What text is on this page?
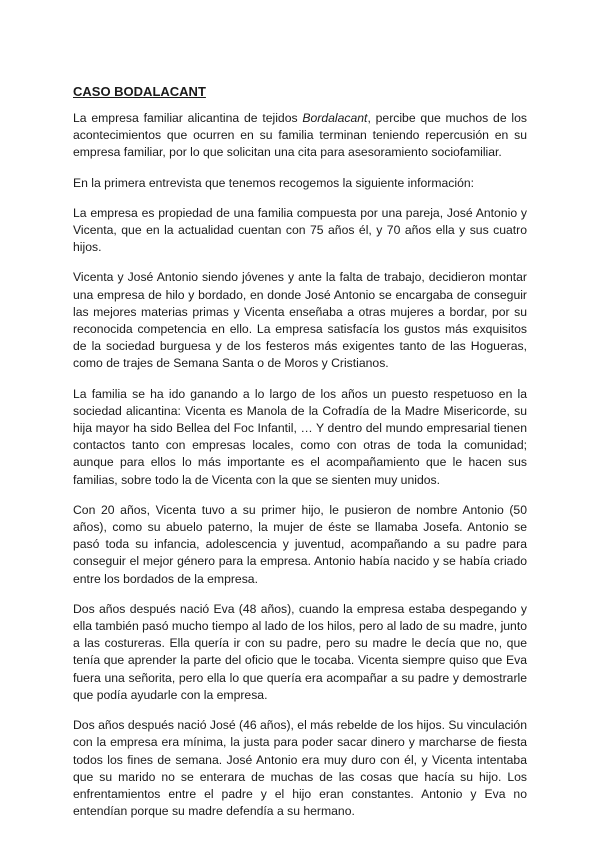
CASO BODALACANT

La empresa familiar alicantina de tejidos Bordalacant, percibe que muchos de los acontecimientos que ocurren en su familia terminan teniendo repercusión en su empresa familiar, por lo que solicitan una cita para asesoramiento sociofamiliar.

En la primera entrevista que tenemos recogemos la siguiente información:

La empresa es propiedad de una familia compuesta por una pareja, José Antonio y Vicenta, que en la actualidad cuentan con 75 años él, y 70 años ella y sus cuatro hijos.

Vicenta y José Antonio siendo jóvenes y ante la falta de trabajo, decidieron montar una empresa de hilo y bordado, en donde José Antonio se encargaba de conseguir las mejores materias primas y Vicenta enseñaba a otras mujeres a bordar, por su reconocida competencia en ello. La empresa satisfacía los gustos más exquisitos de la sociedad burguesa y de los festeros más exigentes tanto de las Hogueras, como de trajes de Semana Santa o de Moros y Cristianos.

La familia se ha ido ganando a lo largo de los años un puesto respetuoso en la sociedad alicantina: Vicenta es Manola de la Cofradía de la Madre Misericorde, su hija mayor ha sido Bellea del Foc Infantil, … Y dentro del mundo empresarial tienen contactos tanto con empresas locales, como con otras de toda la comunidad; aunque para ellos lo más importante es el acompañamiento que le hacen sus familias, sobre todo la de Vicenta con la que se sienten muy unidos.

Con 20 años, Vicenta tuvo a su primer hijo, le pusieron de nombre Antonio (50 años), como su abuelo paterno, la mujer de éste se llamaba Josefa. Antonio se pasó toda su infancia, adolescencia y juventud, acompañando a su padre para conseguir el mejor género para la empresa. Antonio había nacido y se había criado entre los bordados de la empresa.

Dos años después nació Eva (48 años), cuando la empresa estaba despegando y ella también pasó mucho tiempo al lado de los hilos, pero al lado de su madre, junto a las costureras. Ella quería ir con su padre, pero su madre le decía que no, que tenía que aprender la parte del oficio que le tocaba. Vicenta siempre quiso que Eva fuera una señorita, pero ella lo que quería era acompañar a su padre y demostrarle que podía ayudarle con la empresa.

Dos años después nació José (46 años), el más rebelde de los hijos. Su vinculación con la empresa era mínima, la justa para poder sacar dinero y marcharse de fiesta todos los fines de semana. José Antonio era muy duro con él, y Vicenta intentaba que su marido no se enterara de muchas de las cosas que hacía su hijo. Los enfrentamientos entre el padre y el hijo eran constantes. Antonio y Eva no entendían porque su madre defendía a su hermano.
